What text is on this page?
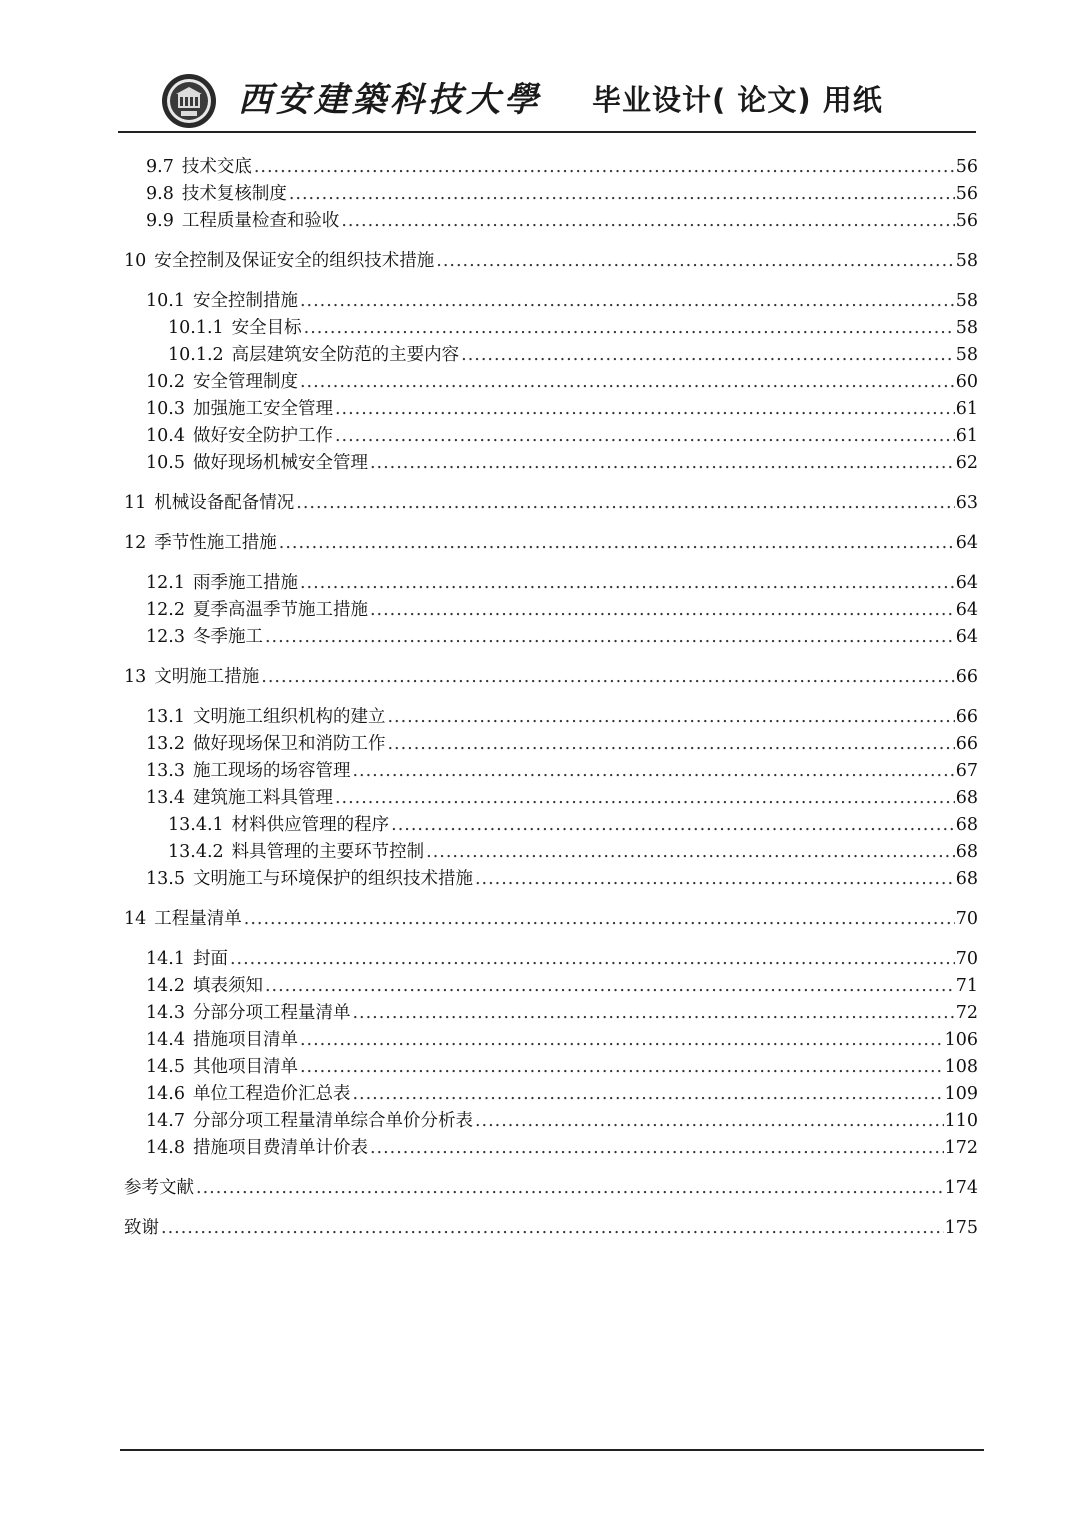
西安建築科技大學 毕业设计( 论文) 用纸
9.7 技术交底 .....	56
9.8 技术复核制度 .....	56
9.9 工程质量检查和验收 .....	56
10 安全控制及保证安全的组织技术措施 .....	58
10.1 安全控制措施 .....	58
10.1.1 安全目标 .....	58
10.1.2 高层建筑安全防范的主要内容 .....	58
10.2 安全管理制度 .....	60
10.3 加强施工安全管理 .....	61
10.4 做好安全防护工作 .....	61
10.5 做好现场机械安全管理 .....	62
11 机械设备配备情况 .....	63
12 季节性施工措施 .....	64
12.1 雨季施工措施 .....	64
12.2 夏季高温季节施工措施 .....	64
12.3 冬季施工 .....	64
13 文明施工措施 .....	66
13.1 文明施工组织机构的建立 .....	66
13.2 做好现场保卫和消防工作 .....	66
13.3 施工现场的场容管理 .....	67
13.4 建筑施工料具管理 .....	68
13.4.1 材料供应管理的程序 .....	68
13.4.2 料具管理的主要环节控制 .....	68
13.5 文明施工与环境保护的组织技术措施 .....	68
14 工程量清单 .....	70
14.1 封面 .....	70
14.2 填表须知 .....	71
14.3 分部分项工程量清单 .....	72
14.4 措施项目清单 .....	106
14.5 其他项目清单 .....	108
14.6 单位工程造价汇总表 .....	109
14.7 分部分项工程量清单综合单价分析表 .....	110
14.8 措施项目费清单计价表 .....	172
参考文献 .....	174
致谢 .....	175
